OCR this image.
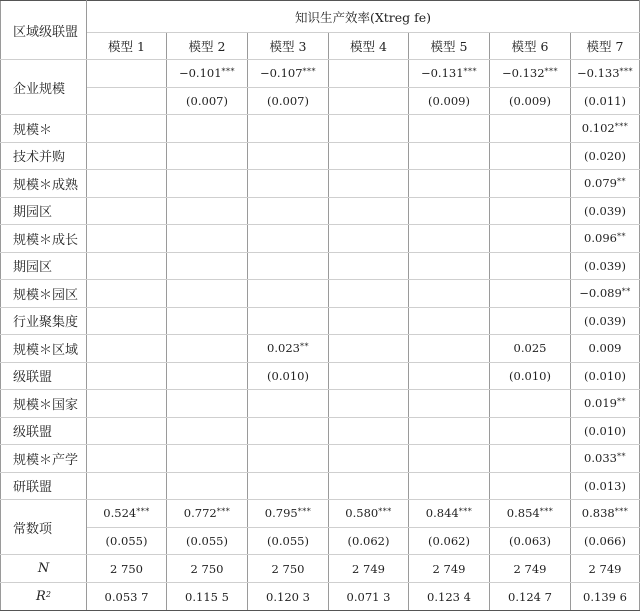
区域级联盟	知识生产效率(Xtreg fe)						
	模型 1	模型 2	模型 3	模型 4	模型 5	模型 6	模型 7
企业规模		−0.101***	−0.107***		−0.131***	−0.132***	−0.133***
		(0.007)	(0.007)		(0.009)	(0.009)	(0.011)
规模＊							0.102***
技术并购							(0.020)
规模＊成熟							0.079**
期园区							(0.039)
规模＊成长							0.096**
期园区							(0.039)
规模＊园区							−0.089**
行业聚集度							(0.039)
规模＊区域			0.023**			0.025	0.009
级联盟			(0.010)			(0.010)	(0.010)
规模＊国家							0.019**
级联盟							(0.010)
规模＊产学							0.033**
研联盟							(0.013)
常数项	0.524***	0.772***	0.795***	0.580***	0.844***	0.854***	0.838***
	(0.055)	(0.055)	(0.055)	(0.062)	(0.062)	(0.063)	(0.066)
N	2 750	2 750	2 750	2 749	2 749	2 749	2 749
$R^2$	0.053 7	0.115 5	0.120 3	0.071 3	0.123 4	0.124 7	0.139 6
